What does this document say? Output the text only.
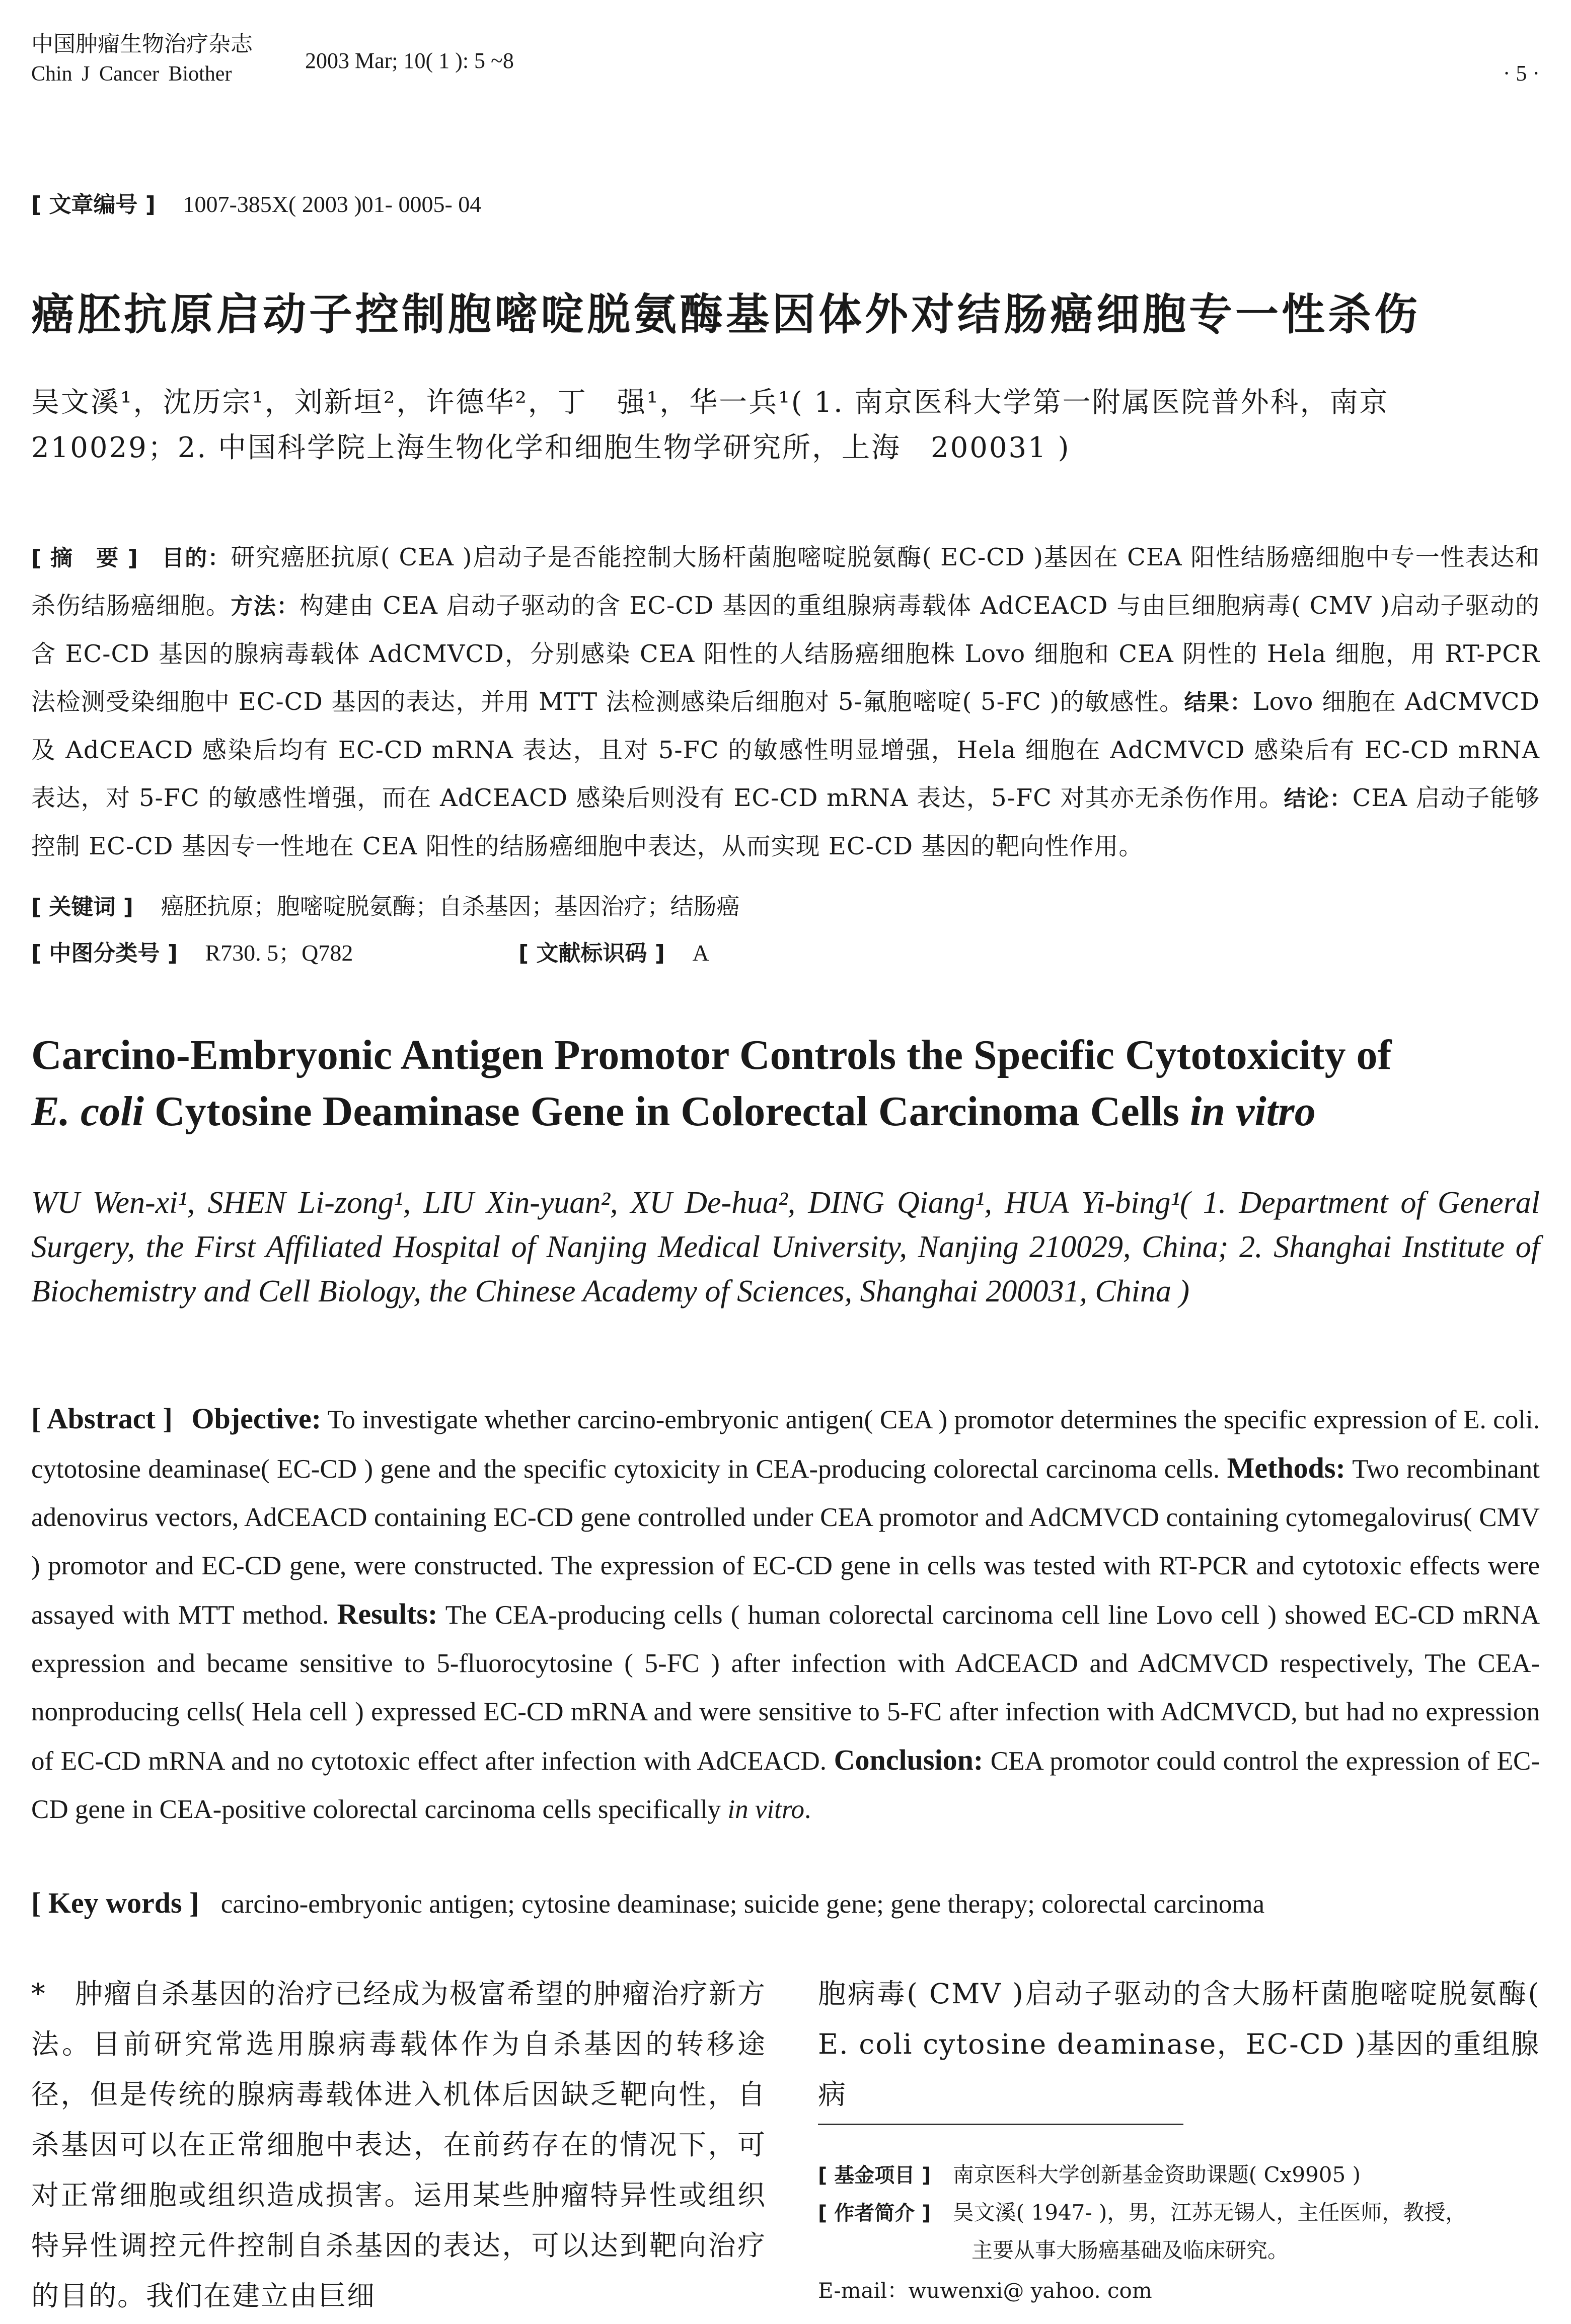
中国肿瘤生物治疗杂志
Chin J Cancer Biother
2003 Mar; 10( 1 ): 5 ~8
· 5 ·
[ 文章编号 ] 1007-385X( 2003 )01- 0005- 04
癌胚抗原启动子控制胞嘧啶脱氨酶基因体外对结肠癌细胞专一性杀伤
吴文溪¹，沈历宗¹，刘新垣²，许德华²，丁　强¹，华一兵¹( 1. 南京医科大学第一附属医院普外科，南京 210029；2. 中国科学院上海生物化学和细胞生物学研究所，上海　200031 )
[ 摘　要 ] 目的：研究癌胚抗原( CEA )启动子是否能控制大肠杆菌胞嘧啶脱氨酶( EC-CD )基因在 CEA 阳性结肠癌细胞中专一性表达和杀伤结肠癌细胞。方法：构建由 CEA 启动子驱动的含 EC-CD 基因的重组腺病毒载体 AdCEACD 与由巨细胞病毒( CMV )启动子驱动的含 EC-CD 基因的腺病毒载体 AdCMVCD，分别感染 CEA 阳性的人结肠癌细胞株 Lovo 细胞和 CEA 阴性的 Hela 细胞，用 RT-PCR 法检测受染细胞中 EC-CD 基因的表达，并用 MTT 法检测感染后细胞对 5-氟胞嘧啶( 5-FC )的敏感性。结果：Lovo 细胞在 AdCMVCD 及 AdCEACD 感染后均有 EC-CD mRNA 表达，且对 5-FC 的敏感性明显增强，Hela 细胞在 AdCMVCD 感染后有 EC-CD mRNA 表达，对 5-FC 的敏感性增强，而在 AdCEACD 感染后则没有 EC-CD mRNA 表达，5-FC 对其亦无杀伤作用。结论：CEA 启动子能够控制 EC-CD 基因专一性地在 CEA 阳性的结肠癌细胞中表达，从而实现 EC-CD 基因的靶向性作用。
[ 关键词 ] 癌胚抗原；胞嘧啶脱氨酶；自杀基因；基因治疗；结肠癌
[ 中图分类号 ] R730. 5；Q782	[ 文献标识码 ] A
Carcino-Embryonic Antigen Promotor Controls the Specific Cytotoxicity of
E. coli Cytosine Deaminase Gene in Colorectal Carcinoma Cells in vitro
WU Wen-xi¹, SHEN Li-zong¹, LIU Xin-yuan², XU De-hua², DING Qiang¹, HUA Yi-bing¹( 1. Department of General Surgery, the First Affiliated Hospital of Nanjing Medical University, Nanjing 210029, China; 2. Shanghai Institute of Biochemistry and Cell Biology, the Chinese Academy of Sciences, Shanghai 200031, China )
[ Abstract ] Objective: To investigate whether carcino-embryonic antigen( CEA ) promotor determines the specific expression of E. coli. cytotosine deaminase( EC-CD ) gene and the specific cytoxicity in CEA-producing colorectal carcinoma cells. Methods: Two recombinant adenovirus vectors, AdCEACD containing EC-CD gene controlled under CEA promotor and AdCMVCD containing cytomegalovirus( CMV ) promotor and EC-CD gene, were constructed. The expression of EC-CD gene in cells was tested with RT-PCR and cytotoxic effects were assayed with MTT method. Results: The CEA-producing cells ( human colorectal carcinoma cell line Lovo cell ) showed EC-CD mRNA expression and became sensitive to 5-fluorocytosine ( 5-FC ) after infection with AdCEACD and AdCMVCD respectively, The CEA-nonproducing cells( Hela cell ) expressed EC-CD mRNA and were sensitive to 5-FC after infection with AdCMVCD, but had no expression of EC-CD mRNA and no cytotoxic effect after infection with AdCEACD. Conclusion: CEA promotor could control the expression of EC-CD gene in CEA-positive colorectal carcinoma cells specifically in vitro.
[ Key words ] carcino-embryonic antigen; cytosine deaminase; suicide gene; gene therapy; colorectal carcinoma
*　肿瘤自杀基因的治疗已经成为极富希望的肿瘤治疗新方法。目前研究常选用腺病毒载体作为自杀基因的转移途径，但是传统的腺病毒载体进入机体后因缺乏靶向性，自杀基因可以在正常细胞中表达，在前药存在的情况下，可对正常细胞或组织造成损害。运用某些肿瘤特异性或组织特异性调控元件控制自杀基因的表达，可以达到靶向治疗的目的。我们在建立由巨细
胞病毒( CMV )启动子驱动的含大肠杆菌胞嘧啶脱氨酶( E. coli cytosine deaminase，EC-CD )基因的重组腺病
[ 基金项目 ] 南京医科大学创新基金资助课题( Cx9905 )
[ 作者简介 ] 吴文溪( 1947- )，男，江苏无锡人，主任医师，教授，
主要从事大肠癌基础及临床研究。
E-mail：wuwenxi@ yahoo. com
